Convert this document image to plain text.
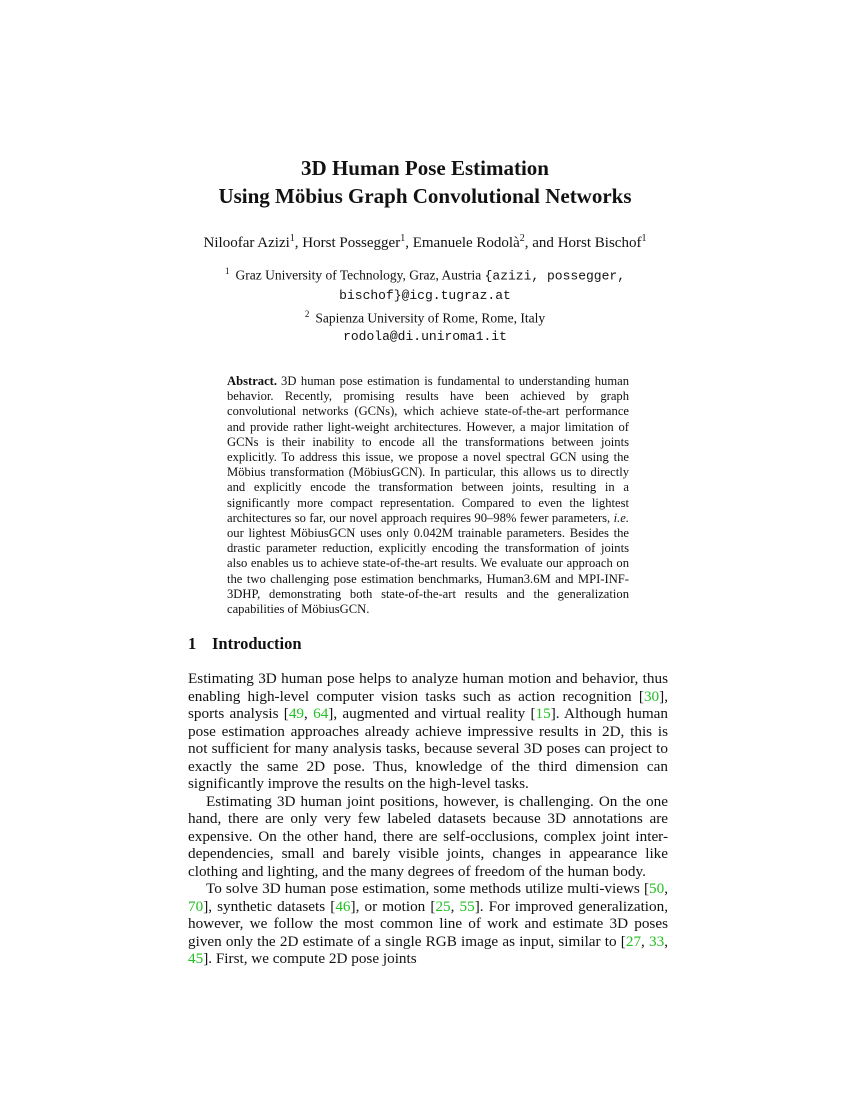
3D Human Pose Estimation
Using Möbius Graph Convolutional Networks
Niloofar Azizi$^1$, Horst Possegger$^1$, Emanuele Rodolà$^2$, and Horst Bischof$^1$
$^1$ Graz University of Technology, Graz, Austria {azizi, possegger,
bischof}@icg.tugraz.at
$^2$ Sapienza University of Rome, Rome, Italy
rodola@di.uniroma1.it
Abstract. 3D human pose estimation is fundamental to understanding human behavior. Recently, promising results have been achieved by graph convolutional networks (GCNs), which achieve state-of-the-art performance and provide rather light-weight architectures. However, a major limitation of GCNs is their inability to encode all the transformations between joints explicitly. To address this issue, we propose a novel spectral GCN using the Möbius transformation (MöbiusGCN). In particular, this allows us to directly and explicitly encode the transformation between joints, resulting in a significantly more compact representation. Compared to even the lightest architectures so far, our novel approach requires 90–98% fewer parameters, i.e. our lightest MöbiusGCN uses only 0.042M trainable parameters. Besides the drastic parameter reduction, explicitly encoding the transformation of joints also enables us to achieve state-of-the-art results. We evaluate our approach on the two challenging pose estimation benchmarks, Human3.6M and MPI-INF-3DHP, demonstrating both state-of-the-art results and the generalization capabilities of MöbiusGCN.
1 Introduction

Estimating 3D human pose helps to analyze human motion and behavior, thus enabling high-level computer vision tasks such as action recognition [30], sports analysis [49, 64], augmented and virtual reality [15]. Although human pose estimation approaches already achieve impressive results in 2D, this is not sufficient for many analysis tasks, because several 3D poses can project to exactly the same 2D pose. Thus, knowledge of the third dimension can significantly improve the results on the high-level tasks.

Estimating 3D human joint positions, however, is challenging. On the one hand, there are only very few labeled datasets because 3D annotations are expensive. On the other hand, there are self-occlusions, complex joint inter-dependencies, small and barely visible joints, changes in appearance like clothing and lighting, and the many degrees of freedom of the human body.

To solve 3D human pose estimation, some methods utilize multi-views [50, 70], synthetic datasets [46], or motion [25, 55]. For improved generalization, however, we follow the most common line of work and estimate 3D poses given only the 2D estimate of a single RGB image as input, similar to [27, 33, 45]. First, we compute 2D pose joints
